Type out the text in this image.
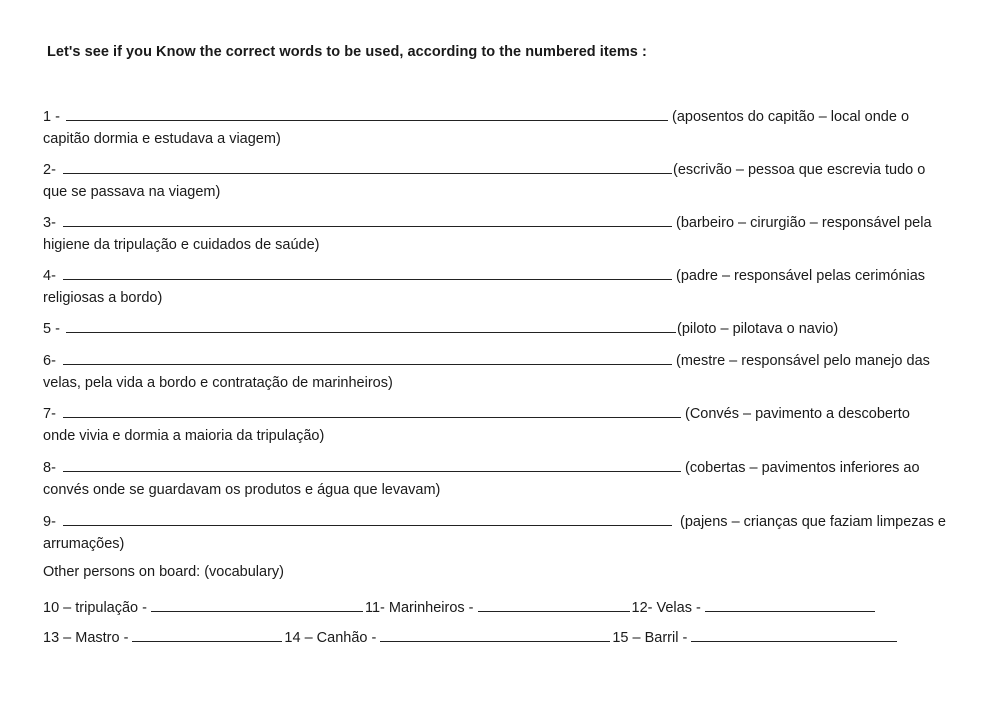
Let's see if you Know the correct words to be used, according to the numbered items :
1 -	(aposentos do capitão – local onde o
capitão dormia e estudava a viagem)
2-	(escrivão – pessoa que escrevia tudo o
que se passava na viagem)
3-	(barbeiro – cirurgião – responsável pela
higiene da tripulação e cuidados de saúde)
4-	(padre – responsável pelas cerimónias
religiosas a bordo)
5 -	(piloto – pilotava o navio)
6-	(mestre – responsável pelo manejo das
velas, pela vida a bordo e contratação de marinheiros)
7-	(Convés – pavimento a descoberto
onde vivia e dormia a maioria da tripulação)
8-	(cobertas – pavimentos inferiores ao
convés onde se guardavam os produtos e água que levavam)
9-	(pajens – crianças que faziam limpezas e
arrumações)
Other persons on board: (vocabulary)
10 – tripulação -	11- Marinheiros -	12- Velas -
13 – Mastro -	14 – Canhão -	15 – Barril -
